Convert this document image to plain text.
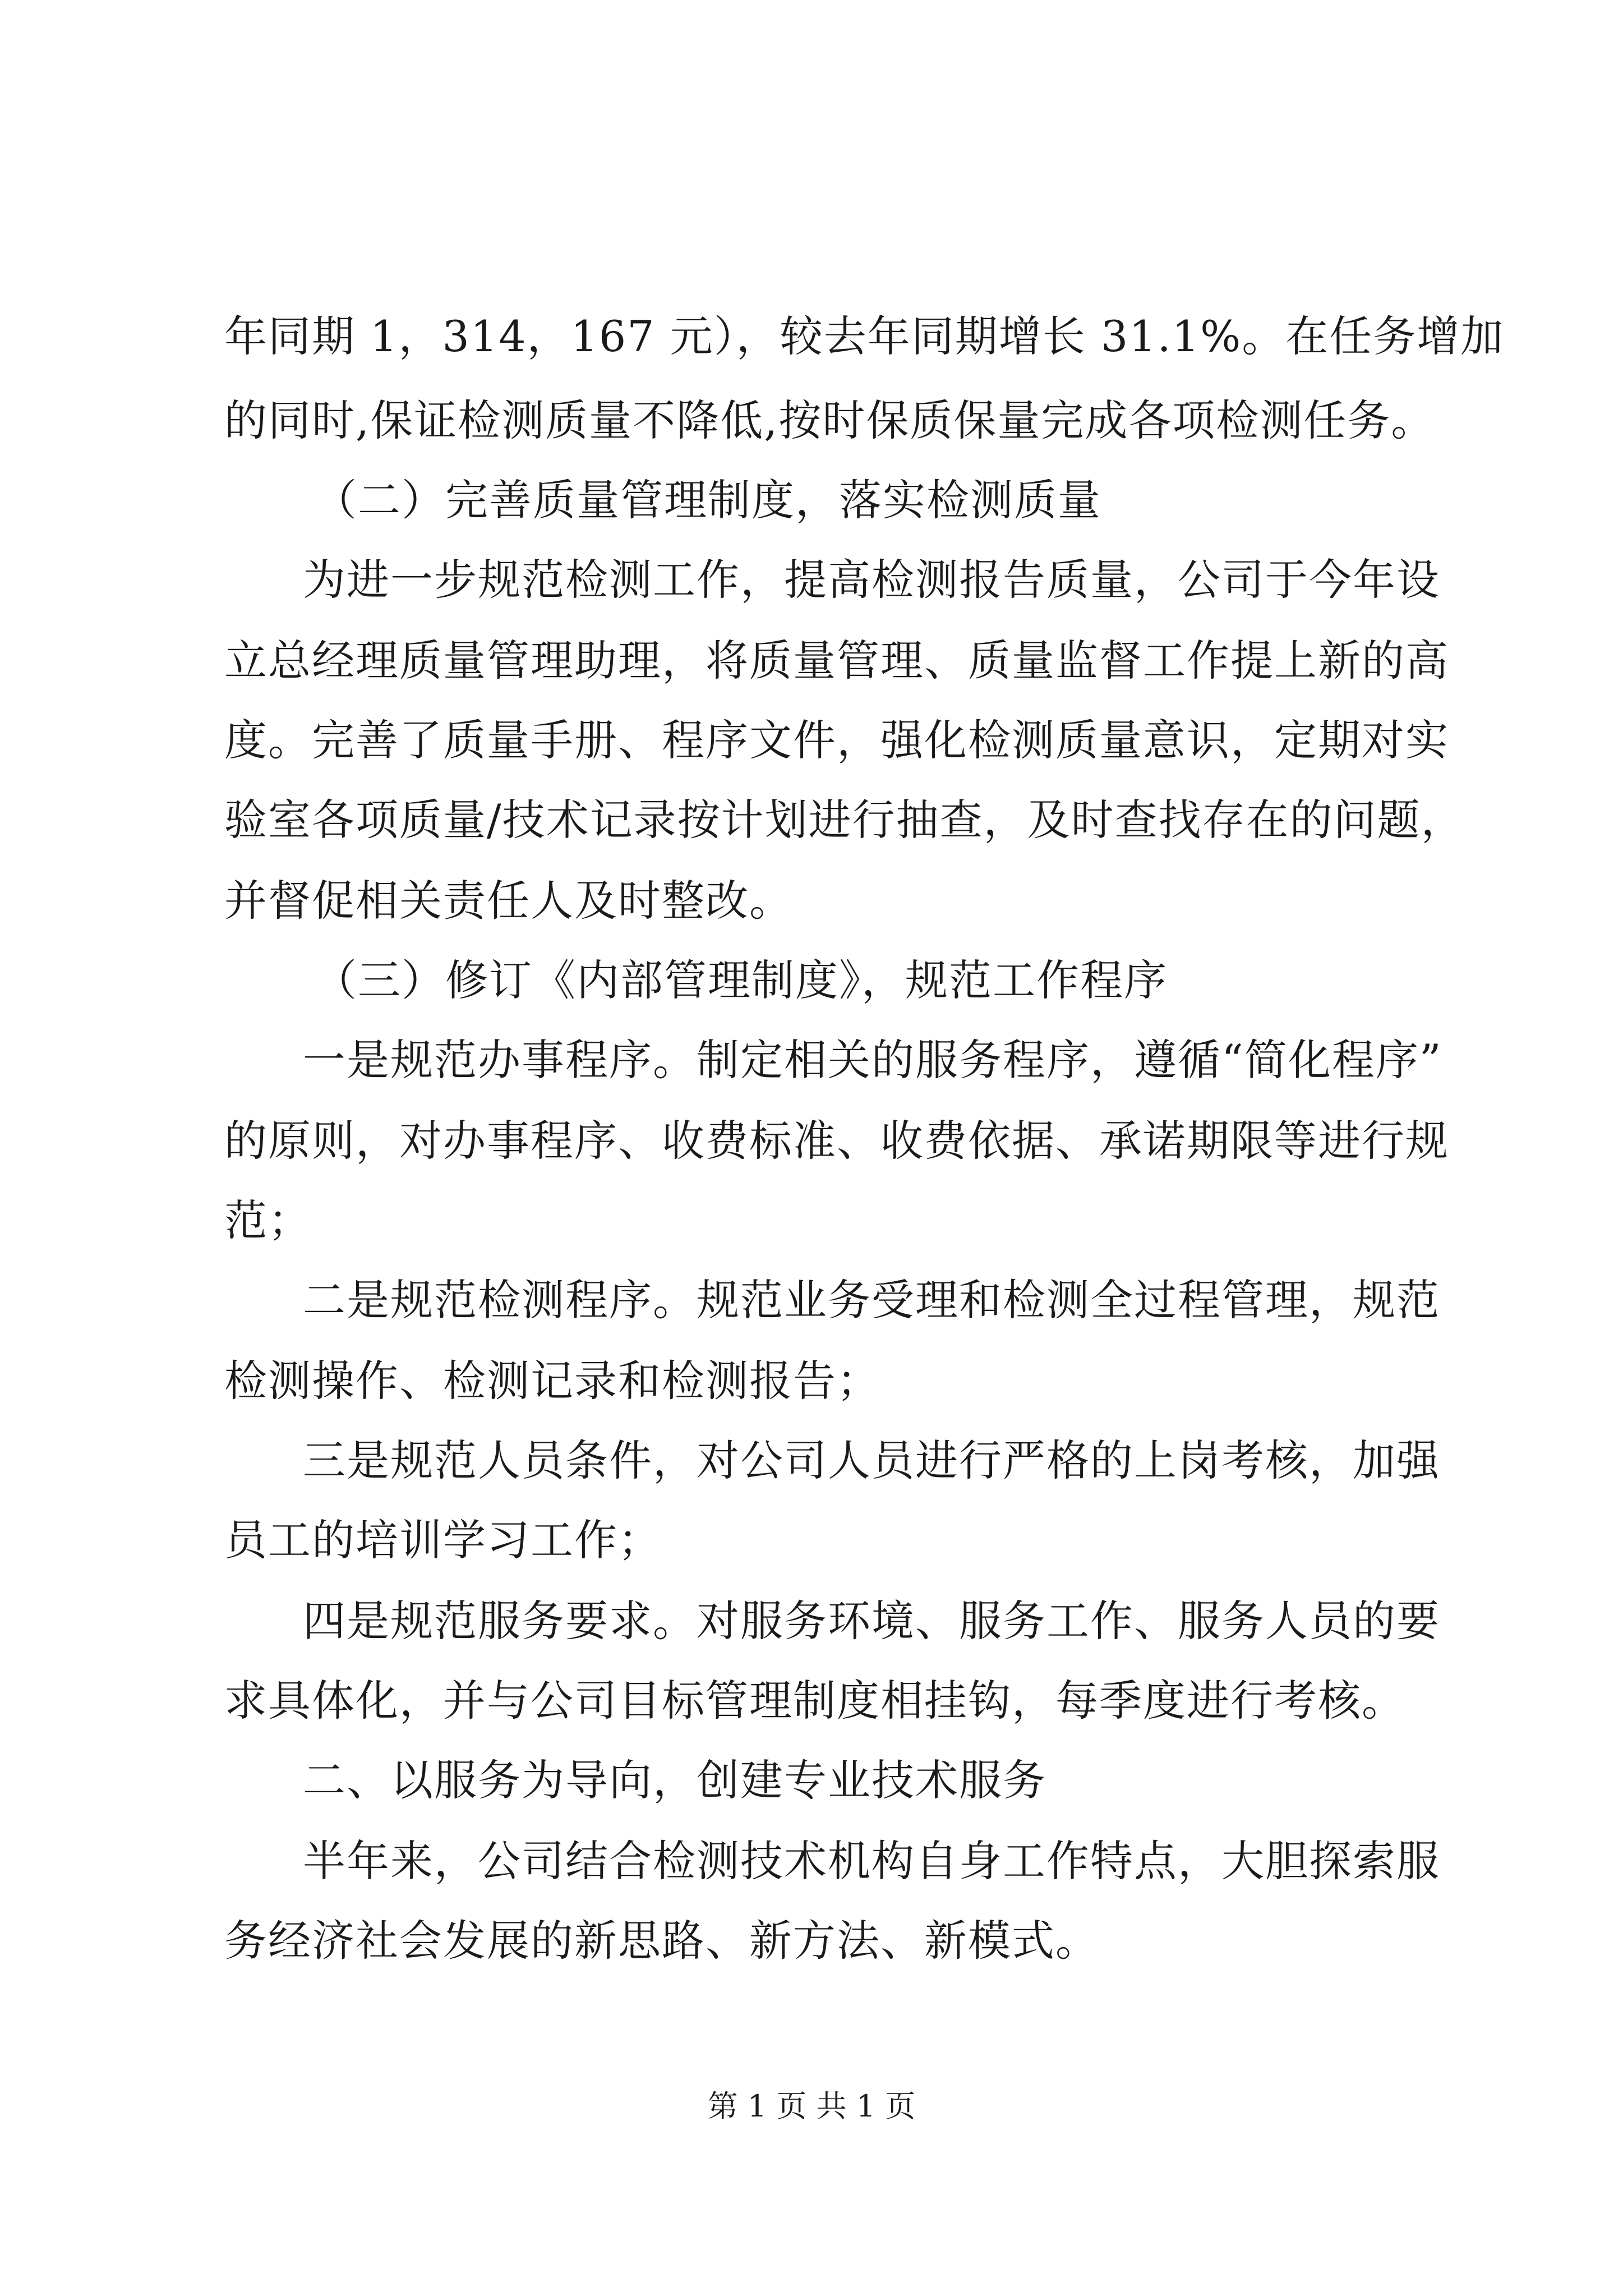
年同期 1，314，167 元），较去年同期增长 31.1%。在任务增加
的同时,保证检测质量不降低,按时保质保量完成各项检测任务。
（二）完善质量管理制度，落实检测质量
为进一步规范检测工作，提高检测报告质量，公司于今年设
立总经理质量管理助理，将质量管理、质量监督工作提上新的高
度。完善了质量手册、程序文件，强化检测质量意识，定期对实
验室各项质量/技术记录按计划进行抽查，及时查找存在的问题，
并督促相关责任人及时整改。
（三）修订《内部管理制度》，规范工作程序
一是规范办事程序。制定相关的服务程序，遵循“简化程序”
的原则，对办事程序、收费标准、收费依据、承诺期限等进行规
范；
二是规范检测程序。规范业务受理和检测全过程管理，规范
检测操作、检测记录和检测报告；
三是规范人员条件，对公司人员进行严格的上岗考核，加强
员工的培训学习工作；
四是规范服务要求。对服务环境、服务工作、服务人员的要
求具体化，并与公司目标管理制度相挂钩，每季度进行考核。
二、以服务为导向，创建专业技术服务
半年来，公司结合检测技术机构自身工作特点，大胆探索服
务经济社会发展的新思路、新方法、新模式。
第 1 页 共 1 页
